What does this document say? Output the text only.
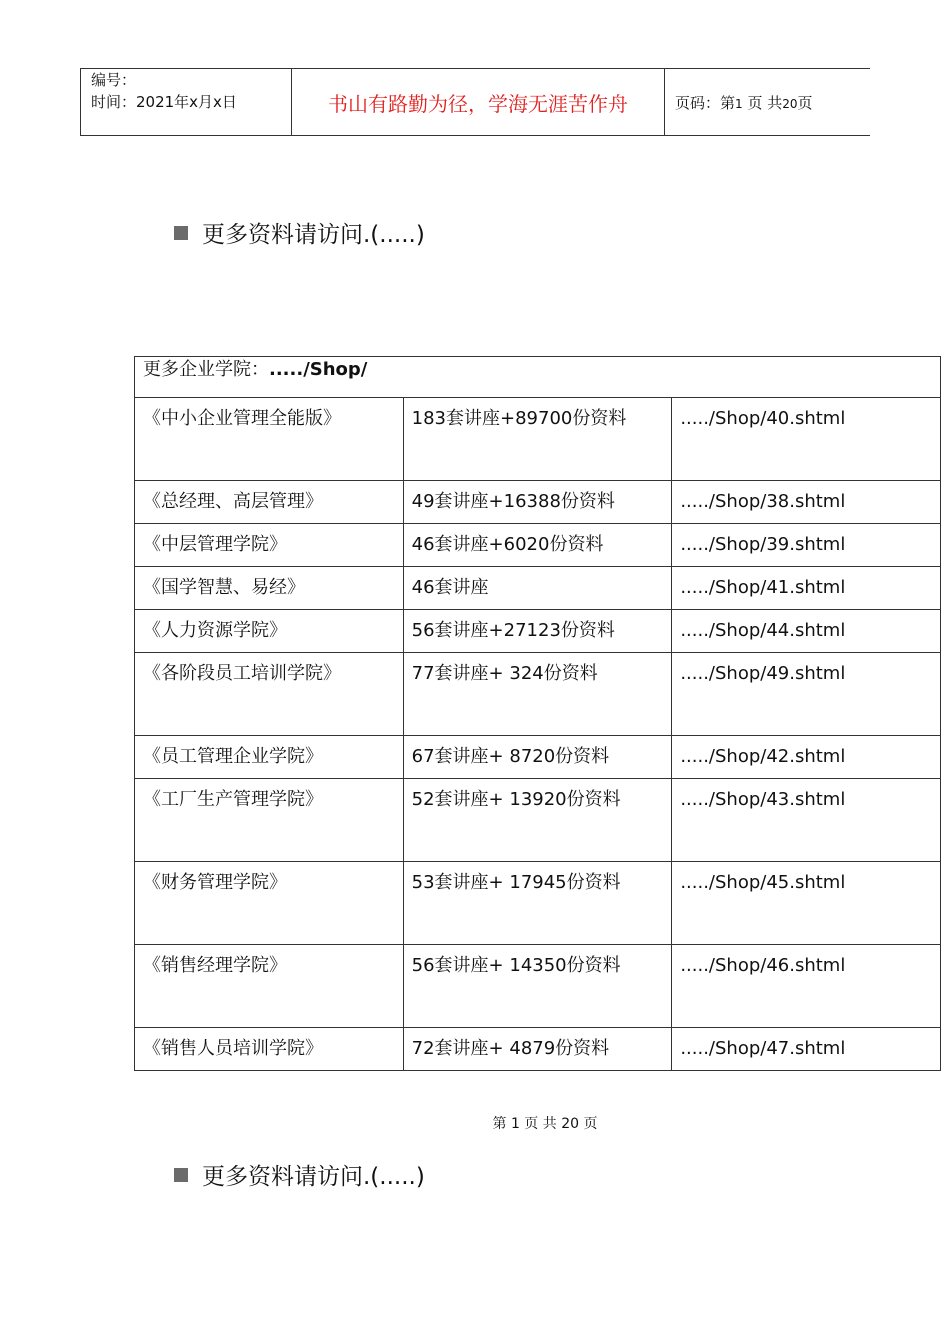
编号：
时间：2021年x月x日	书山有路勤为径，学海无涯苦作舟	页码：第1 页 共20页
更多资料请访问.(.....)
更多企业学院：...../Shop/		
《中小企业管理全能版》	183套讲座+89700份资料	...../Shop/40.shtml
《总经理、高层管理》	49套讲座+16388份资料	...../Shop/38.shtml
《中层管理学院》	46套讲座+6020份资料	...../Shop/39.shtml
《国学智慧、易经》	46套讲座	...../Shop/41.shtml
《人力资源学院》	56套讲座+27123份资料	...../Shop/44.shtml
《各阶段员工培训学院》	77套讲座+ 324份资料	...../Shop/49.shtml
《员工管理企业学院》	67套讲座+ 8720份资料	...../Shop/42.shtml
《工厂生产管理学院》	52套讲座+ 13920份资料	...../Shop/43.shtml
《财务管理学院》	53套讲座+ 17945份资料	...../Shop/45.shtml
《销售经理学院》	56套讲座+ 14350份资料	...../Shop/46.shtml
《销售人员培训学院》	72套讲座+ 4879份资料	...../Shop/47.shtml
第 1 页 共 20 页
更多资料请访问.(.....)
